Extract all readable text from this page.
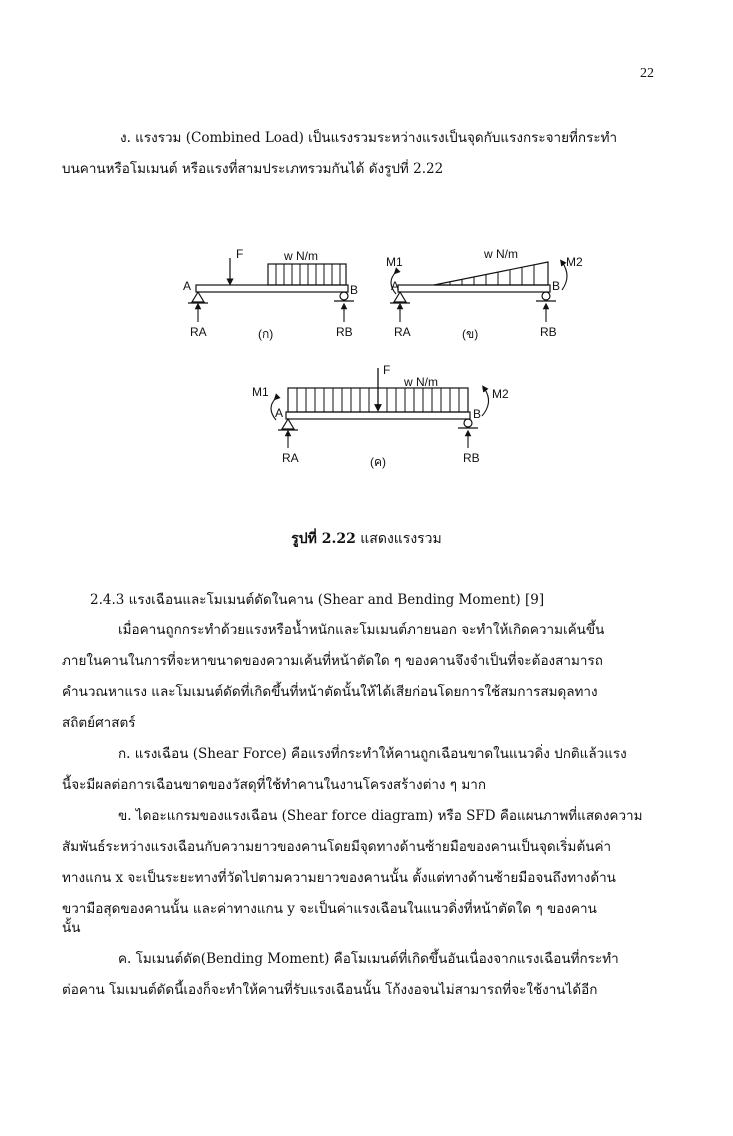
22
ง. แรงรวม (Combined Load) เป็นแรงรวมระหว่างแรงเป็นจุดกับแรงกระจายที่กระทำ
บนคานหรือโมเมนต์ หรือแรงที่สามประเภทรวมกันได้ ดังรูปที่ 2.22
F	w N/m
A	B
RA	RB
(ก)
M1
w N/m
M2
A	B
RA	RB
(ข)
F
w N/m
M1	M2
A	B
RA	RB
(ค)
รูปที่ 2.22 แสดงแรงรวม
2.4.3 แรงเฉือนและโมเมนต์ดัดในคาน (Shear and Bending Moment) [9]
เมื่อคานถูกกระทำด้วยแรงหรือน้ำหนักและโมเมนต์ภายนอก จะทำให้เกิดความเค้นขึ้น
ภายในคานในการที่จะหาขนาดของความเค้นที่หน้าตัดใด ๆ ของคานจึงจำเป็นที่จะต้องสามารถ
คำนวณหาแรง และโมเมนต์ดัดที่เกิดขึ้นที่หน้าตัดนั้นให้ได้เสียก่อนโดยการใช้สมการสมดุลทาง
สถิตย์ศาสตร์
ก. แรงเฉือน (Shear Force) คือแรงที่กระทำให้คานถูกเฉือนขาดในแนวดิ่ง ปกติแล้วแรง
นี้จะมีผลต่อการเฉือนขาดของวัสดุที่ใช้ทำคานในงานโครงสร้างต่าง ๆ มาก
ข. ไดอะแกรมของแรงเฉือน (Shear force diagram) หรือ SFD คือแผนภาพที่แสดงความ
สัมพันธ์ระหว่างแรงเฉือนกับความยาวของคานโดยมีจุดทางด้านซ้ายมือของคานเป็นจุดเริ่มต้นค่า
ทางแกน x จะเป็นระยะทางที่วัดไปตามความยาวของคานนั้น ตั้งแต่ทางด้านซ้ายมือจนถึงทางด้าน
ขวามือสุดของคานนั้น และค่าทางแกน y จะเป็นค่าแรงเฉือนในแนวดิ่งที่หน้าตัดใด ๆ ของคาน
นั้น
ค. โมเมนต์ดัด(Bending Moment) คือโมเมนต์ที่เกิดขึ้นอันเนื่องจากแรงเฉือนที่กระทำ
ต่อคาน โมเมนต์ดัดนี้เองก็จะทำให้คานที่รับแรงเฉือนนั้น โก้งงอจนไม่สามารถที่จะใช้งานได้อีก
